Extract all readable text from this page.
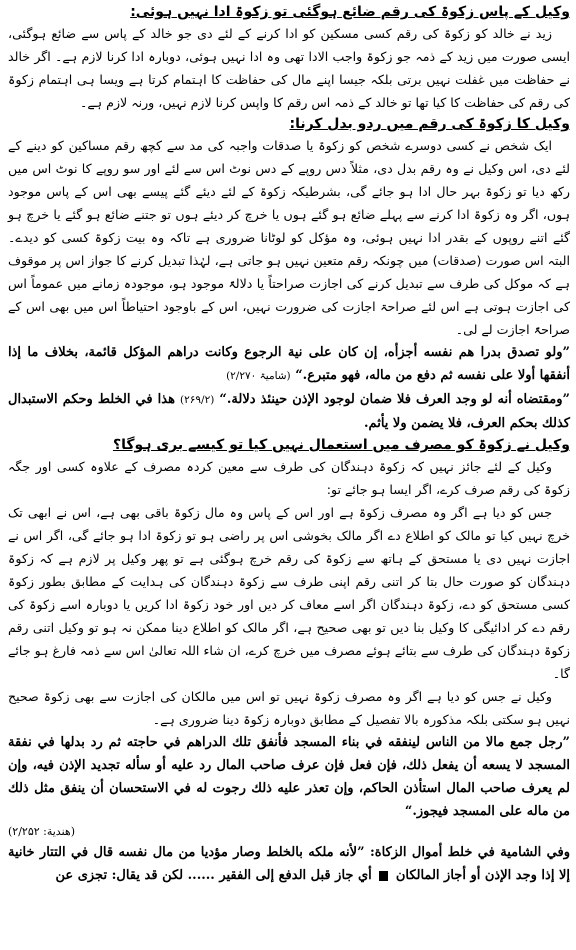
وکیل کے پاس زکوۃ کی رقم ضائع ہوگئی تو زکوۃ ادا نہیں ہوئی:

زید نے خالد کو زکوۃ کی رقم کسی مسکین کو ادا کرنے کے لئے دی جو خالد کے پاس سے ضائع ہوگئی، ایسی صورت میں زید کے ذمہ جو زکوۃ واجب الادا تھی وہ ادا نہیں ہوئی، دوبارہ ادا کرنا لازم ہے۔ اگر خالد نے حفاظت میں غفلت نہیں برتی بلکہ جیسا اپنے مال کی حفاظت کا اہتمام کرتا ہے ویسا ہی اہتمام زکوۃ کی رقم کی حفاظت کا کیا تھا تو خالد کے ذمہ اس رقم کا واپس کرنا لازم نہیں، ورنہ لازم ہے۔

وکیل کا زکوۃ کی رقم میں ردو بدل کرنا:

ایک شخص نے کسی دوسرے شخص کو زکوۃ یا صدقات واجبہ کی مد سے کچھ رقم مساکین کو دینے کے لئے دی، اس وکیل نے وہ رقم بدل دی، مثلاً دس روپے کے دس نوٹ اس سے لئے اور سو روپے کا نوٹ اس میں رکھ دیا تو زکوۃ بہر حال ادا ہو جائے گی، بشرطیکہ زکوۃ کے لئے دیئے گئے پیسے بھی اس کے پاس موجود ہوں، اگر وہ زکوۃ ادا کرنے سے پہلے ضائع ہو گئے ہوں یا خرچ کر دیئے ہوں تو جتنے ضائع ہو گئے یا خرچ ہو گئے اتنے روپوں کے بقدر ادا نہیں ہوئی، وہ مؤکل کو لوٹانا ضروری ہے تاکہ وہ بیت زکوۃ کسی کو دیدے۔ البتہ اس صورت (صدقات) میں چونکہ رقم متعین نہیں ہو جاتی ہے، لہٰذا تبدیل کرنے کا جواز اس پر موقوف ہے کہ موکل کی طرف سے تبدیل کرنے کی اجازت صراحتاً یا دلالۃً موجود ہو، موجودہ زمانے میں عموماً اس کی اجازت ہوتی ہے اس لئے صراحۃ اجازت کی ضرورت نہیں، اس کے باوجود احتیاطاً اس میں بھی اس کے صراحۃً اجازت لے لی۔

”ولو تصدق بدرا هم نفسه أجزأه، إن كان على نية الرجوع وكانت دراهم المؤكل قائمة، بخلاف ما إذا أنفقها أولا على نفسه ثم دفع من ماله، فهو متبرع.“ (شامیۃ ۲/۲۷۰)

”ومقتضاه أنه لو وجد العرف فلا ضمان لوجود الإذن حينئذ دلالة.“ (۲۶۹/۲) هذا في الخلط وحكم الاستبدال كذلك بحكم العرف، فلا يضمن ولا يأثم.

وکیل نے زکوۃ کو مصرف میں استعمال نہیں کیا تو کیسے بری ہوگا؟

وکیل کے لئے جائز نہیں کہ زکوۃ دہندگان کی طرف سے معین کردہ مصرف کے علاوہ کسی اور جگہ زکوۃ کی رقم صرف کرے، اگر ایسا ہو جائے تو:

جس کو دیا ہے اگر وہ مصرف زکوۃ ہے اور اس کے پاس وہ مال زکوۃ باقی بھی ہے، اس نے ابھی تک خرچ نہیں کیا تو مالک کو اطلاع دے اگر مالک بخوشی اس پر راضی ہو تو زکوۃ ادا ہو جائے گی، اگر اس نے اجازت نہیں دی یا مستحق کے ہاتھ سے زکوۃ کی رقم خرچ ہوگئی ہے تو پھر وکیل پر لازم ہے کہ زکوۃ دہندگان کو صورت حال بتا کر اتنی رقم اپنی طرف سے زکوۃ دہندگان کی ہدایت کے مطابق بطور زکوۃ کسی مستحق کو دے، زکوۃ دہندگان اگر اسے معاف کر دیں اور خود زکوۃ ادا کریں یا دوبارہ اسے زکوۃ کی رقم دے کر ادائیگی کا وکیل بنا دیں تو بھی صحیح ہے، اگر مالک کو اطلاع دینا ممکن نہ ہو تو وکیل اتنی رقم زکوۃ دہندگان کی طرف سے بتائے ہوئے مصرف میں خرچ کرے، ان شاء اللہ تعالیٰ اس سے ذمہ فارغ ہو جائے گا۔

وکیل نے جس کو دیا ہے اگر وہ مصرف زکوۃ نہیں تو اس میں مالکان کی اجازت سے بھی زکوۃ صحیح نہیں ہو سکتی بلکہ مذکورہ بالا تفصیل کے مطابق دوبارہ زکوۃ دینا ضروری ہے۔

”رجل جمع مالا من الناس لينفقه في بناء المسجد فأنفق تلك الدراهم في حاجته ثم رد بدلها في نفقة المسجد لا يسعه أن يفعل ذلك، فإن فعل فإن عرف صاحب المال رد عليه أو سأله تجديد الإذن فيه، وإن لم يعرف صاحب المال استأذن الحاكم، وإن تعذر عليه ذلك رجوت له في الاستحسان أن ينفق مثل ذلك من ماله على المسجد فيجوز.“

(هندية: ۲/۲۵۲)

وفي الشامية في خلط أموال الزكاة: ”لأنه ملكه بالخلط وصار مؤديا من مال نفسه قال في التتار خانية إلا إذا وجد الإذن أو أجاز المالكان  أي جاز قبل الدفع إلى الفقير ...... لكن قد يقال: تجزى عن
